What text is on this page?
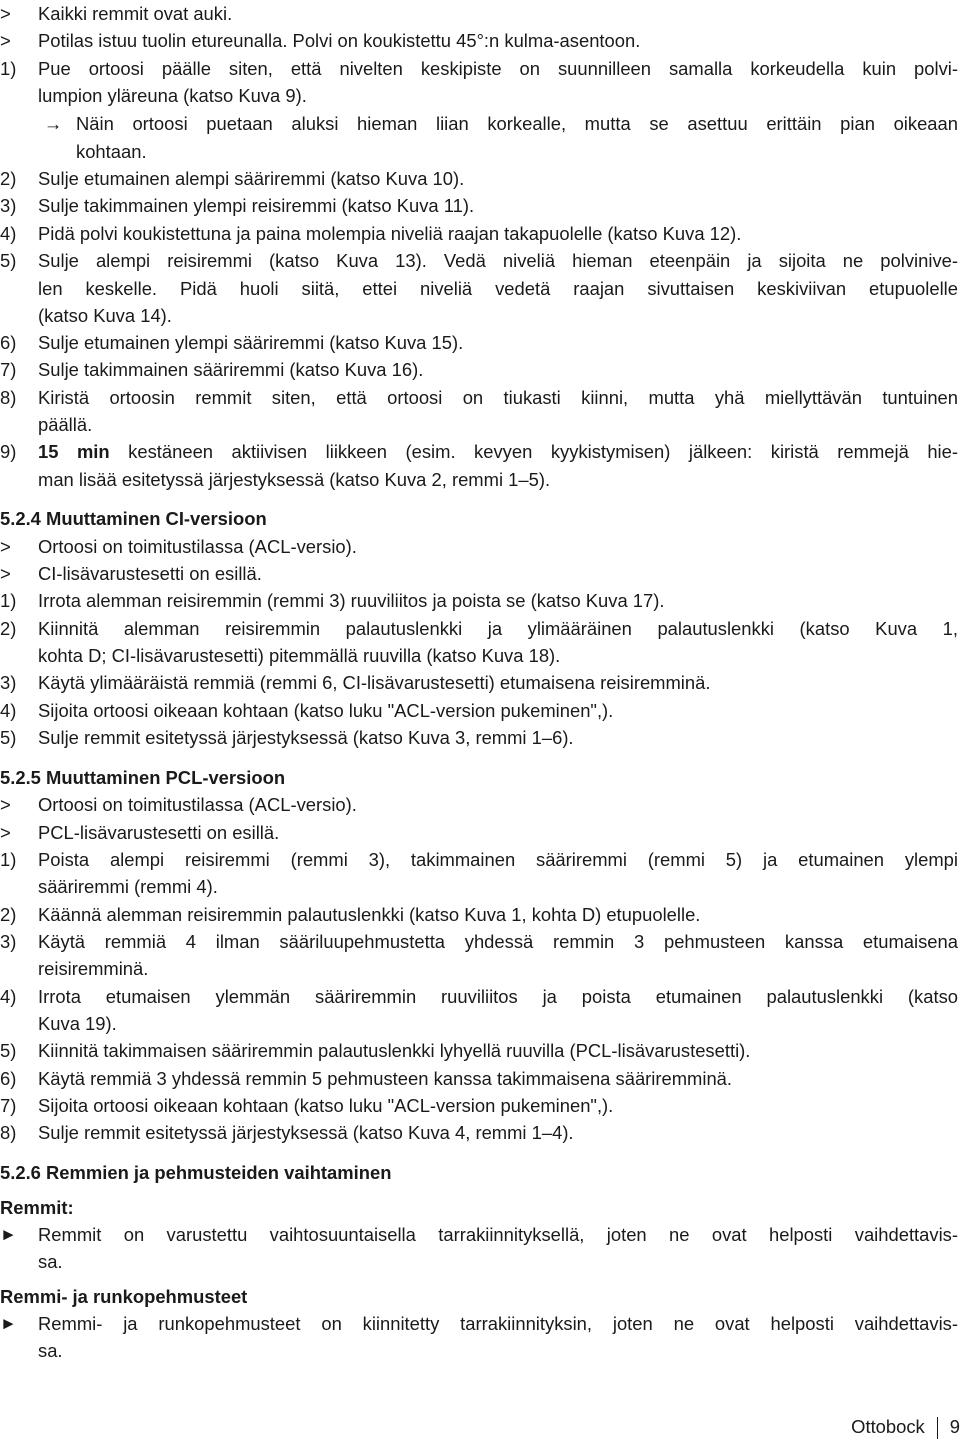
> Kaikki remmit ovat auki.
> Potilas istuu tuolin etureunalla. Polvi on koukistettu 45°:n kulma-asentoon.
1) Pue ortoosi päälle siten, että nivelten keskipiste on suunnilleen samalla korkeudella kuin polvi-
lumpion yläreuna (katso Kuva 9).
→ Näin ortoosi puetaan aluksi hieman liian korkealle, mutta se asettuu erittäin pian oikeaan
kohtaan.
2) Sulje etumainen alempi sääriremmi (katso Kuva 10).
3) Sulje takimmainen ylempi reisiremmi (katso Kuva 11).
4) Pidä polvi koukistettuna ja paina molempia niveliä raajan takapuolelle (katso Kuva 12).
5) Sulje alempi reisiremmi (katso Kuva 13). Vedä niveliä hieman eteenpäin ja sijoita ne polvinive-
len keskelle. Pidä huoli siitä, ettei niveliä vedetä raajan sivuttaisen keskiviivan etupuolelle
(katso Kuva 14).
6) Sulje etumainen ylempi sääriremmi (katso Kuva 15).
7) Sulje takimmainen sääriremmi (katso Kuva 16).
8) Kiristä ortoosin remmit siten, että ortoosi on tiukasti kiinni, mutta yhä miellyttävän tuntuinen
päällä.
9) 15 min kestäneen aktiivisen liikkeen (esim. kevyen kyykistymisen) jälkeen: kiristä remmejä hie-
man lisää esitetyssä järjestyksessä (katso Kuva 2, remmi 1–5).
5.2.4 Muuttaminen CI-versioon
> Ortoosi on toimitustilassa (ACL-versio).
> CI-lisävarustesetti on esillä.
1) Irrota alemman reisiremmin (remmi 3) ruuviliitos ja poista se (katso Kuva 17).
2) Kiinnitä alemman reisiremmin palautuslenkki ja ylimääräinen palautuslenkki (katso Kuva 1,
kohta D; CI-lisävarustesetti) pitemmällä ruuvilla (katso Kuva 18).
3) Käytä ylimääräistä remmiä (remmi 6, CI-lisävarustesetti) etumaisena reisiremminä.
4) Sijoita ortoosi oikeaan kohtaan (katso luku "ACL-version pukeminen",).
5) Sulje remmit esitetyssä järjestyksessä (katso Kuva 3, remmi 1–6).
5.2.5 Muuttaminen PCL-versioon
> Ortoosi on toimitustilassa (ACL-versio).
> PCL-lisävarustesetti on esillä.
1) Poista alempi reisiremmi (remmi 3), takimmainen sääriremmi (remmi 5) ja etumainen ylempi
sääriremmi (remmi 4).
2) Käännä alemman reisiremmin palautuslenkki (katso Kuva 1, kohta D) etupuolelle.
3) Käytä remmiä 4 ilman sääriluupehmustetta yhdessä remmin 3 pehmusteen kanssa etumaisena
reisiremminä.
4) Irrota etumaisen ylemmän sääriremmin ruuviliitos ja poista etumainen palautuslenkki (katso
Kuva 19).
5) Kiinnitä takimmaisen sääriremmin palautuslenkki lyhyellä ruuvilla (PCL-lisävarustesetti).
6) Käytä remmiä 3 yhdessä remmin 5 pehmusteen kanssa takimmaisena sääriremminä.
7) Sijoita ortoosi oikeaan kohtaan (katso luku "ACL-version pukeminen",).
8) Sulje remmit esitetyssä järjestyksessä (katso Kuva 4, remmi 1–4).
5.2.6 Remmien ja pehmusteiden vaihtaminen
Remmit:
► Remmit on varustettu vaihtosuuntaisella tarrakiinnityksellä, joten ne ovat helposti vaihdettavis-
sa.
Remmi- ja runkopehmusteet
► Remmi- ja runkopehmusteet on kiinnitetty tarrakiinnityksin, joten ne ovat helposti vaihdettavis-
sa.
Ottobock 9
